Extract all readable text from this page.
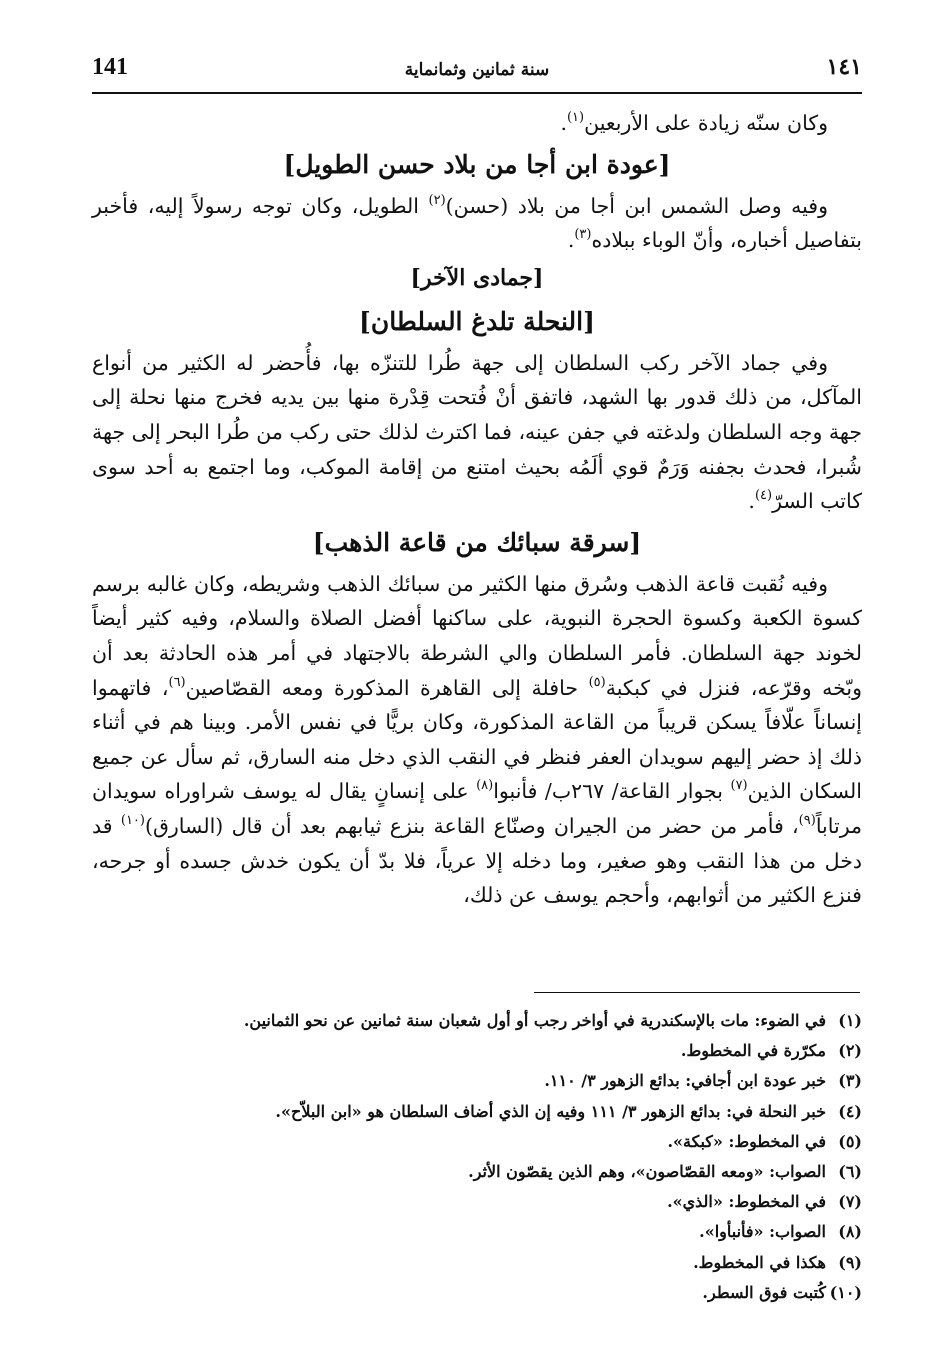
141	سنة ثمانين وثمانماية	١٤١

وكان سنّه زيادة على الأربعين$^{(١)}$.

[عودة ابن أجا من بلاد حسن الطويل]

وفيه وصل الشمس ابن أجا من بلاد (حسن)$^{(٢)}$ الطويل، وكان توجه رسولاً إليه، فأخبر بتفاصيل أخباره، وأنّ الوباء ببلاده$^{(٣)}$.

[جمادى الآخر]
[النحلة تلدغ السلطان]

وفي جماد الآخر ركب السلطان إلى جهة طُرا للتنزّه بها، فأُحضر له الكثير من أنواع المآكل، من ذلك قدور بها الشهد، فاتفق أنْ فُتحت قِدْرة منها بين يديه فخرج منها نحلة إلى جهة وجه السلطان ولدغته في جفن عينه، فما اكترث لذلك حتى ركب من طُرا البحر إلى جهة شُبرا، فحدث بجفنه وَرَمٌ قوي ألَمُه بحيث امتنع من إقامة الموكب، وما اجتمع به أحد سوى كاتب السرّ$^{(٤)}$.

[سرقة سبائك من قاعة الذهب]

وفيه نُقبت قاعة الذهب وسُرق منها الكثير من سبائك الذهب وشريطه، وكان غالبه برسم كسوة الكعبة وكسوة الحجرة النبوية، على ساكنها أفضل الصلاة والسلام، وفيه كثير أيضاً لخوند جهة السلطان. فأمر السلطان والي الشرطة بالاجتهاد في أمر هذه الحادثة بعد أن وبّخه وقرّعه، فنزل في كبكبة$^{(٥)}$ حافلة إلى القاهرة المذكورة ومعه القصّاصين$^{(٦)}$، فاتهموا إنساناً علّافاً يسكن قريباً من القاعة المذكورة، وكان بريًّا في نفس الأمر. وبينا هم في أثناء ذلك إذ حضر إليهم سويدان العفر فنظر في النقب الذي دخل منه السارق، ثم سأل عن جميع السكان الذين$^{(٧)}$ بجوار القاعة/ ٢٦٧ب/ فأنبوا$^{(٨)}$ على إنسانٍ يقال له يوسف شراوراه سويدان مرتاباً$^{(٩)}$، فأمر من حضر من الجيران وصنّاع القاعة بنزع ثيابهم بعد أن قال (السارق)$^{(١٠)}$ قد دخل من هذا النقب وهو صغير، وما دخله إلا عرياً، فلا بدّ أن يكون خدش جسده أو جرحه، فنزع الكثير من أثوابهم، وأحجم يوسف عن ذلك،

(١)في الضوء: مات بالإسكندرية في أواخر رجب أو أول شعبان سنة ثمانين عن نحو الثمانين.
(٢)مكرّرة في المخطوط.
(٣)خبر عودة ابن أجافي: بدائع الزهور ٣/ ١١٠.
(٤)خبر النحلة في: بدائع الزهور ٣/ ١١١ وفيه إن الذي أضاف السلطان هو «ابن البلاّح».
(٥)في المخطوط: «كبكة».
(٦)الصواب: «ومعه القصّاصون»، وهم الذين يقصّون الأثر.
(٧)في المخطوط: «الذي».
(٨)الصواب: «فأنبأوا».
(٩)هكذا في المخطوط.
(١٠)كُتبت فوق السطر.
